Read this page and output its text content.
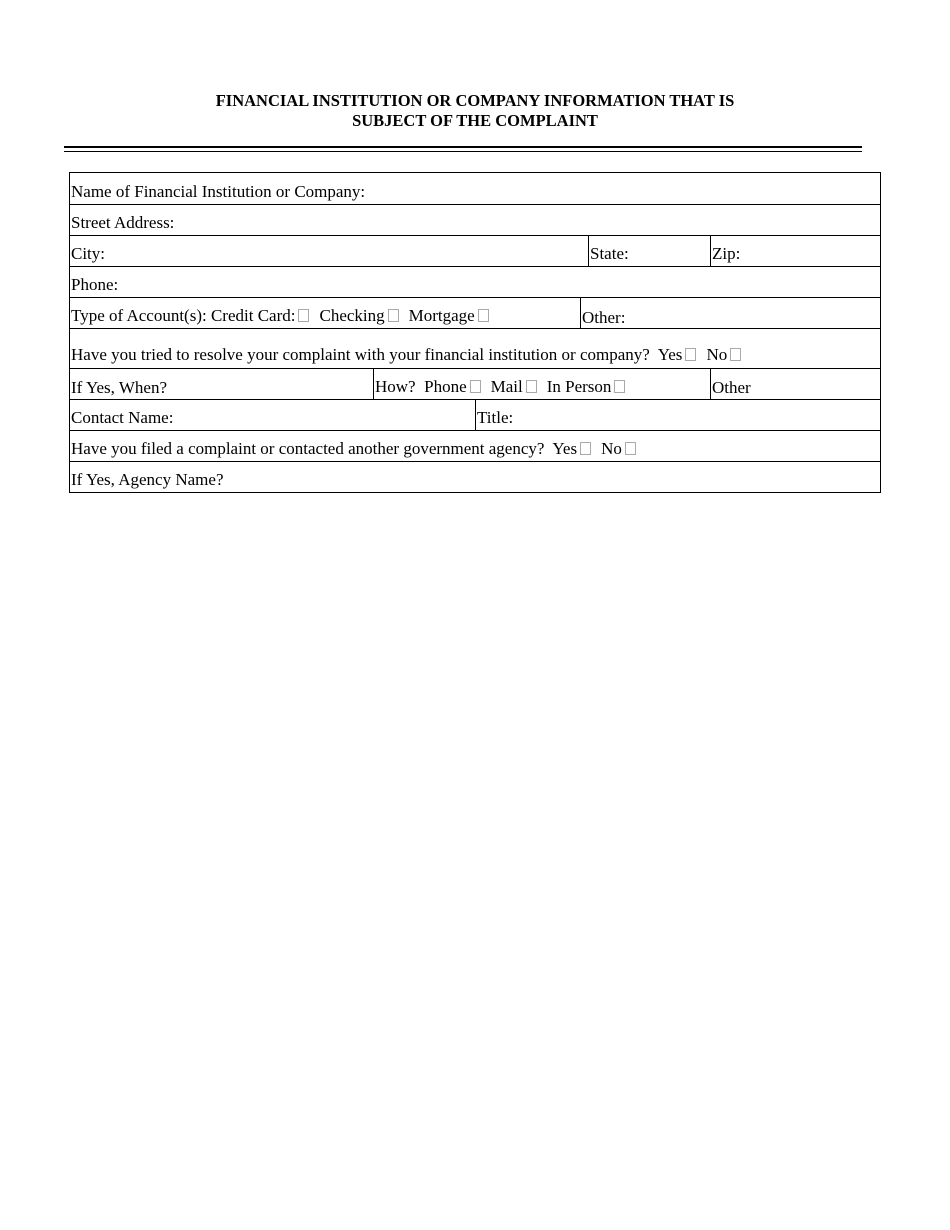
FINANCIAL INSTITUTION OR COMPANY INFORMATION THAT IS
SUBJECT OF THE COMPLAINT
Name of Financial Institution or Company:
Street Address:
City:	State:	Zip:
Phone:
Type of Account(s): Credit Card: Checking Mortgage	Other:
Have you tried to resolve your complaint with your financial institution or company? Yes No
If Yes, When?	How? Phone Mail In Person	Other
Contact Name:	Title:
Have you filed a complaint or contacted another government agency? Yes No
If Yes, Agency Name?
